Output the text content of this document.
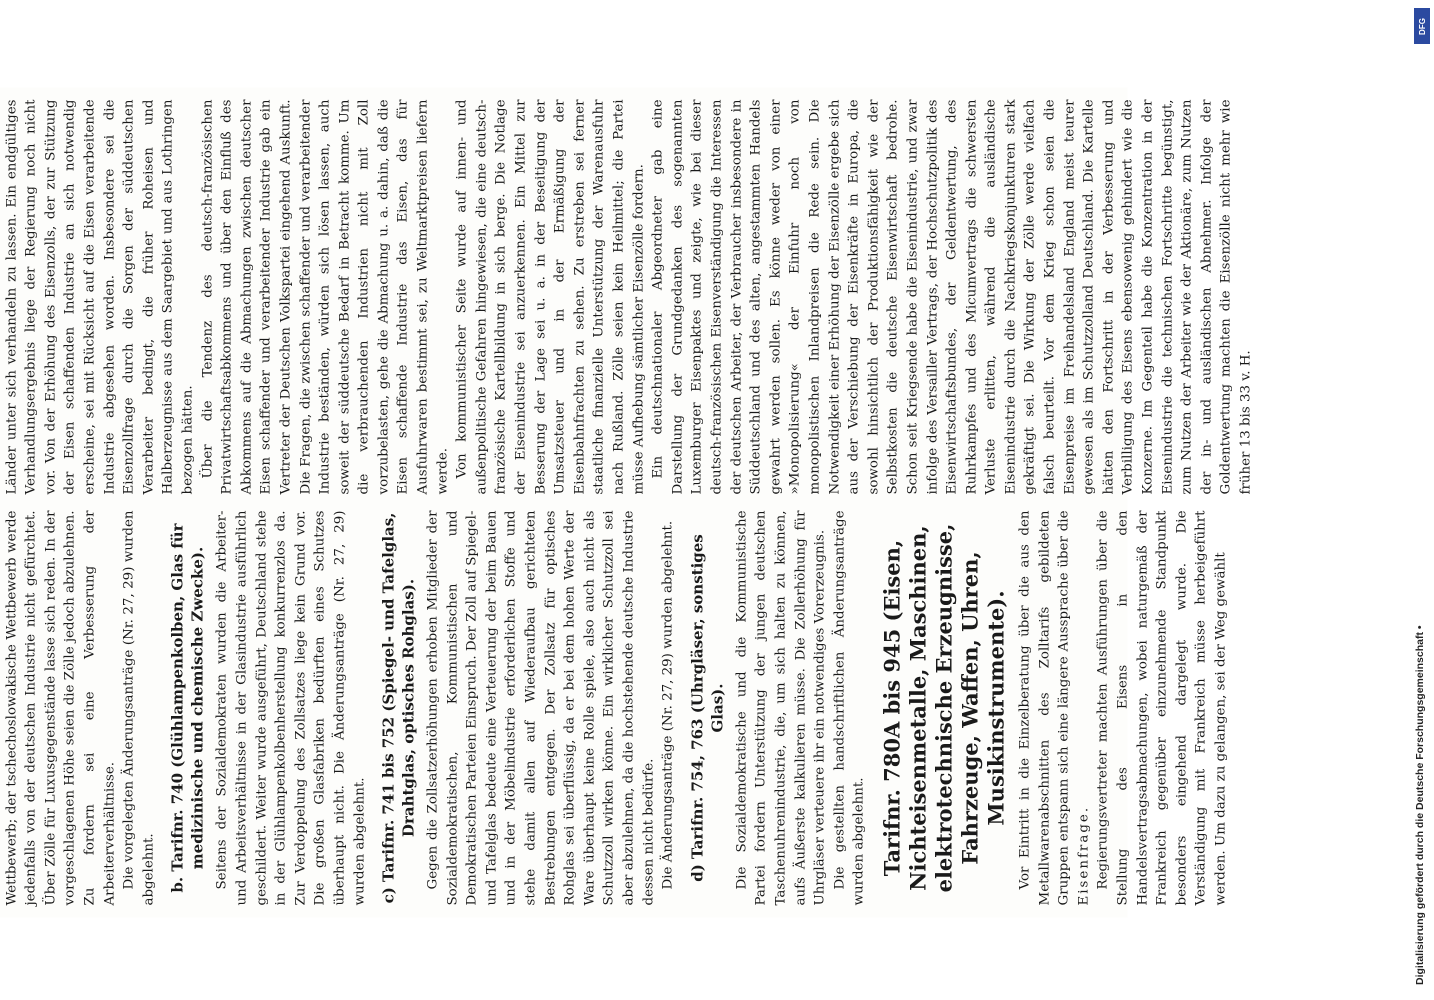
Wettbewerb; der tschechoslowakische Wettbewerb werde jedenfalls von der deutschen Industrie nicht gefürchtet. Über Zölle für Luxusgegenstände lasse sich reden. In der vorgeschlagenen Höhe seien die Zölle jedoch abzulehnen. Zu fordern sei eine Verbesserung der Arbeiterverhältnisse. Die vorgelegten Änderungsanträge (Nr. 27, 29) wurden abgelehnt. b. Tarifnr. 740 (Glühlampenkolben, Glas für medizinische und chemische Zwecke). Seitens der Sozialdemokraten wurden die Arbeiter- und Arbeitsverhältnisse in der Glasindustrie ausführlich geschildert. Weiter wurde ausgeführt, Deutschland stehe in der Glühlampenkolbenherstellung konkurrenzlos da. Zur Verdoppelung des Zollsatzes liege kein Grund vor. Die großen Glasfabriken bedürften eines Schutzes überhaupt nicht. Die Änderungsanträge (Nr. 27, 29) wurden abgelehnt. c) Tarifnr. 741 bis 752 (Spiegel- und Tafelglas, Drahtglas, optisches Rohglas). Gegen die Zollsatzerhöhungen erhoben Mitglieder der Sozialdemokratischen, Kommunistischen und Demokratischen Parteien Einspruch. Der Zoll auf Spiegel- und Tafelglas bedeute eine Verteuerung der beim Bauen und in der Möbelindustrie erforderlichen Stoffe und stehe damit allen auf Wiederaufbau gerichteten Bestrebungen entgegen. Der Zollsatz für optisches Rohglas sei überflüssig, da er bei dem hohen Werte der Ware überhaupt keine Rolle spiele, also auch nicht als Schutzzoll wirken könne. Ein wirklicher Schutzzoll sei aber abzulehnen, da die hochstehende deutsche Industrie dessen nicht bedürfe. Die Änderungsanträge (Nr. 27, 29) wurden abgelehnt. d) Tarifnr. 754, 763 (Uhrgläser, sonstiges Glas). Die Sozialdemokratische und die Kommunistische Partei fordern Unterstützung der jungen deutschen Taschenuhrenindustrie, die, um sich halten zu können, aufs Äußerste kalkulieren müsse. Die Zollerhöhung für Uhrgläser verteuere ihr ein notwendiges Vorerzeugnis. Die gestellten handschriftlichen Änderungsanträge wurden abgelehnt. Tarifnr. 780A bis 945 (Eisen, Nichteisenmetalle, Maschinen, elektrotechnische Erzeugnisse, Fahrzeuge, Waffen, Uhren, Musikinstrumente). Vor Eintritt in die Einzelberatung über die aus den Metallwarenabschnitten des Zolltarifs gebildeten Gruppen entspann sich eine längere Aussprache über die Eisenfrage. Regierungsvertreter machten Ausführungen über die Stellung des Eisens in den Handelsvertragsabmachungen, wobei naturgemäß der Frankreich gegenüber einzunehmende Standpunkt besonders eingehend dargelegt wurde. Die Verständigung mit Frankreich müsse herbeigeführt werden. Um dazu zu gelangen, sei der Weg gewählt

Länder unter sich verhandeln zu lassen. Ein endgültiges Verhandlungsergebnis liege der Regierung noch nicht vor. Von der Erhöhung des Eisenzolls, der zur Stützung der Eisen schaffenden Industrie an sich notwendig erscheine, sei mit Rücksicht auf die Eisen verarbeitende Industrie abgesehen worden. Insbesondere sei die Eisenzollfrage durch die Sorgen der süddeutschen Verarbeiter bedingt, die früher Roheisen und Halberzeugnisse aus dem Saargebiet und aus Lothringen bezogen hätten. Über die Tendenz des deutsch-französischen Privatwirtschaftsabkommens und über den Einfluß des Abkommens auf die Abmachungen zwischen deutscher Eisen schaffender und verarbeitender Industrie gab ein Vertreter der Deutschen Volkspartei eingehend Auskunft. Die Fragen, die zwischen schaffender und verarbeitender Industrie beständen, würden sich lösen lassen, auch soweit der süddeutsche Bedarf in Betracht komme. Um die verbrauchenden Industrien nicht mit Zoll vorzubelasten, gehe die Abmachung u. a. dahin, daß die Eisen schaffende Industrie das Eisen, das für Ausfuhrwaren bestimmt sei, zu Weltmarktpreisen liefern werde. Von kommunistischer Seite wurde auf innen- und außenpolitische Gefahren hingewiesen, die eine deutsch-französische Kartellbildung in sich berge. Die Notlage der Eisenindustrie sei anzuerkennen. Ein Mittel zur Besserung der Lage sei u. a. in der Beseitigung der Umsatzsteuer und in der Ermäßigung der Eisenbahnfrachten zu sehen. Zu erstreben sei ferner staatliche finanzielle Unterstützung der Warenausfuhr nach Rußland. Zölle seien kein Heilmittel; die Partei müsse Aufhebung sämtlicher Eisenzölle fordern. Ein deutschnationaler Abgeordneter gab eine Darstellung der Grundgedanken des sogenannten Luxemburger Eisenpaktes und zeigte, wie bei dieser deutsch-französischen Eisenverständigung die Interessen der deutschen Arbeiter, der Verbraucher insbesondere in Süddeutschland und des alten, angestammten Handels gewahrt werden sollen. Es könne weder von einer »Monopolisierung« der Einfuhr noch von monopolistischen Inlandpreisen die Rede sein. Die Notwendigkeit einer Erhöhung der Eisenzölle ergebe sich aus der Verschiebung der Eisenkräfte in Europa, die sowohl hinsichtlich der Produktionsfähigkeit wie der Selbstkosten die deutsche Eisenwirtschaft bedrohe. Schon seit Kriegsende habe die Eisenindustrie, und zwar infolge des Versailler Vertrags, der Hochschutzpolitik des Eisenwirtschaftsbundes, der Geldentwertung, des Ruhrkampfes und des Micumvertrags die schwersten Verluste erlitten, während die ausländische Eisenindustrie durch die Nachkriegskonjunkturen stark gekräftigt sei. Die Wirkung der Zölle werde vielfach falsch beurteilt. Vor dem Krieg schon seien die Eisenpreise im Freihandelsland England meist teurer gewesen als im Schutzzolland Deutschland. Die Kartelle hätten den Fortschritt in der Verbesserung und Verbilligung des Eisens ebensowenig gehindert wie die Konzerne. Im Gegenteil habe die Konzentration in der Eisenindustrie die technischen Fortschritte begünstigt, zum Nutzen der Arbeiter wie der Aktionäre, zum Nutzen der in- und ausländischen Abnehmer. Infolge der Goldentwertung machten die Eisenzölle nicht mehr wie früher 13 bis 33 v. H.

Digitalisierung gefördert durch die Deutsche Forschungsgemeinschaft •
DFG
